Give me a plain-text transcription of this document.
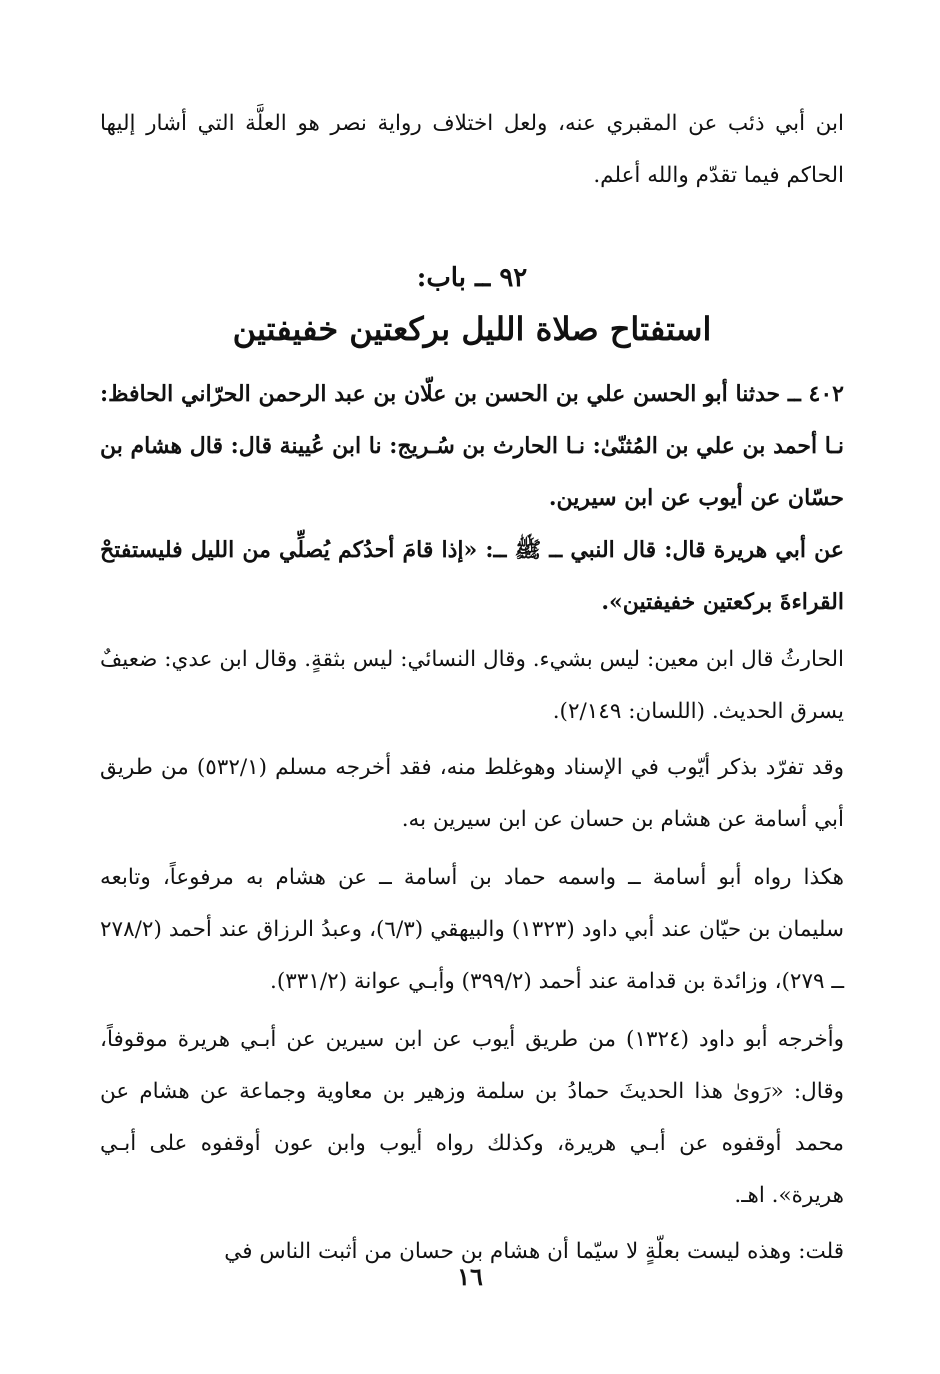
ابن أبي ذئب عن المقبري عنه، ولعل اختلاف رواية نصر هو العلَّة التي أشار إليها الحاكم فيما تقدّم والله أعلم.

٩٢ ــ باب:
استفتاح صلاة الليل بركعتين خفيفتين

٤٠٢ ــ حدثنا أبو الحسن علي بن الحسن بن علّان بن عبد الرحمن الحرّاني الحافظ: نـا أحمد بن علي بن المُثنّىٰ: نـا الحارث بن سُـريج: نا ابن عُيينة قال: قال هشام بن حسّان عن أيوب عن ابن سيرين.

عن أبي هريرة قال: قال النبي ــ ﷺ ــ: «إذا قامَ أحدُكم يُصلِّي من الليل فليستفتحْ القراءةَ بركعتين خفيفتين».

الحارثُ قال ابن معين: ليس بشيء. وقال النسائي: ليس بثقةٍ. وقال ابن عدي: ضعيفٌ يسرق الحديث. (اللسان: ٢/١٤٩).

وقد تفرّد بذكر أيّوب في الإسناد وهوغلط منه، فقد أخرجه مسلم (٥٣٢/١) من طريق أبي أسامة عن هشام بن حسان عن ابن سيرين به.

هكذا رواه أبو أسامة ــ واسمه حماد بن أسامة ــ عن هشام به مرفوعاً، وتابعه سليمان بن حيّان عند أبي داود (١٣٢٣) والبيهقي (٦/٣)، وعبدُ الرزاق عند أحمد (٢٧٨/٢ ــ ٢٧٩)، وزائدة بن قدامة عند أحمد (٣٩٩/٢) وأبـي عوانة (٣٣١/٢).

وأخرجه أبو داود (١٣٢٤) من طريق أيوب عن ابن سيرين عن أبـي هريرة موقوفاً، وقال: «رَوىٰ هذا الحديثَ حمادُ بن سلمة وزهير بن معاوية وجماعة عن هشام عن محمد أوقفوه عن أبـي هريرة، وكذلك رواه أيوب وابن عون أوقفوه على أبـي هريرة». اهـ.

قلت: وهذه ليست بعلّةٍ لا سيّما أن هشام بن حسان من أثبت الناس في

١٦
